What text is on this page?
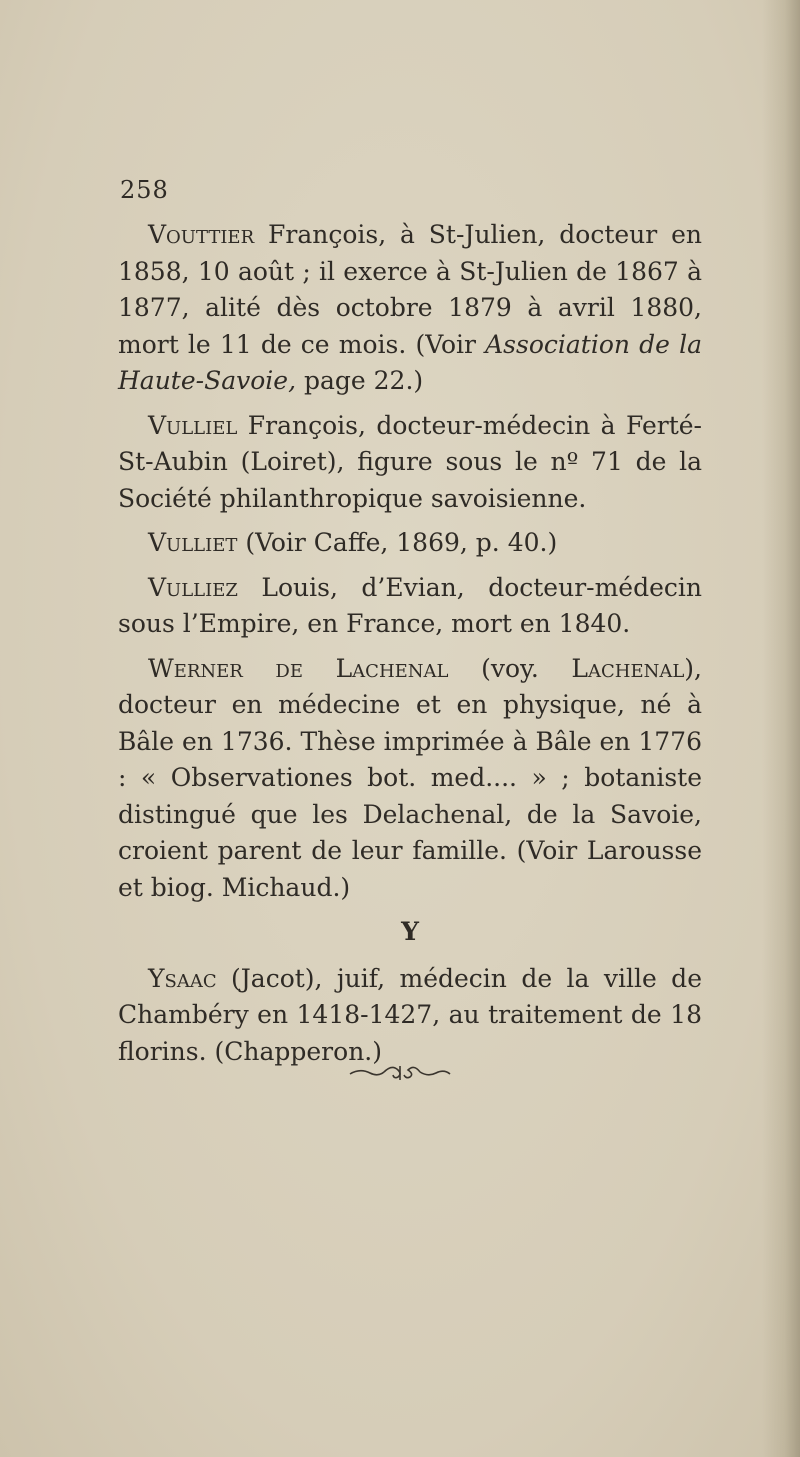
258

Vouttier François, à St-Julien, docteur en 1858, 10 août ; il exerce à St-Julien de 1867 à 1877, alité dès octobre 1879 à avril 1880, mort le 11 de ce mois. (Voir Association de la Haute-Savoie, page 22.)

Vulliel François, docteur-médecin à Ferté-St-Aubin (Loiret), figure sous le nº 71 de la Société philanthropique savoisienne.

Vulliet (Voir Caffe, 1869, p. 40.)

Vulliez Louis, d’Evian, docteur-médecin sous l’Empire, en France, mort en 1840.

Werner de Lachenal (voy. Lachenal), docteur en médecine et en physique, né à Bâle en 1736. Thèse imprimée à Bâle en 1776 : « Observationes bot. med.... » ; botaniste distingué que les Delachenal, de la Savoie, croient parent de leur famille. (Voir Larousse et biog. Michaud.)

Y

Ysaac (Jacot), juif, médecin de la ville de Chambéry en 1418-1427, au traitement de 18 florins. (Chapperon.)
